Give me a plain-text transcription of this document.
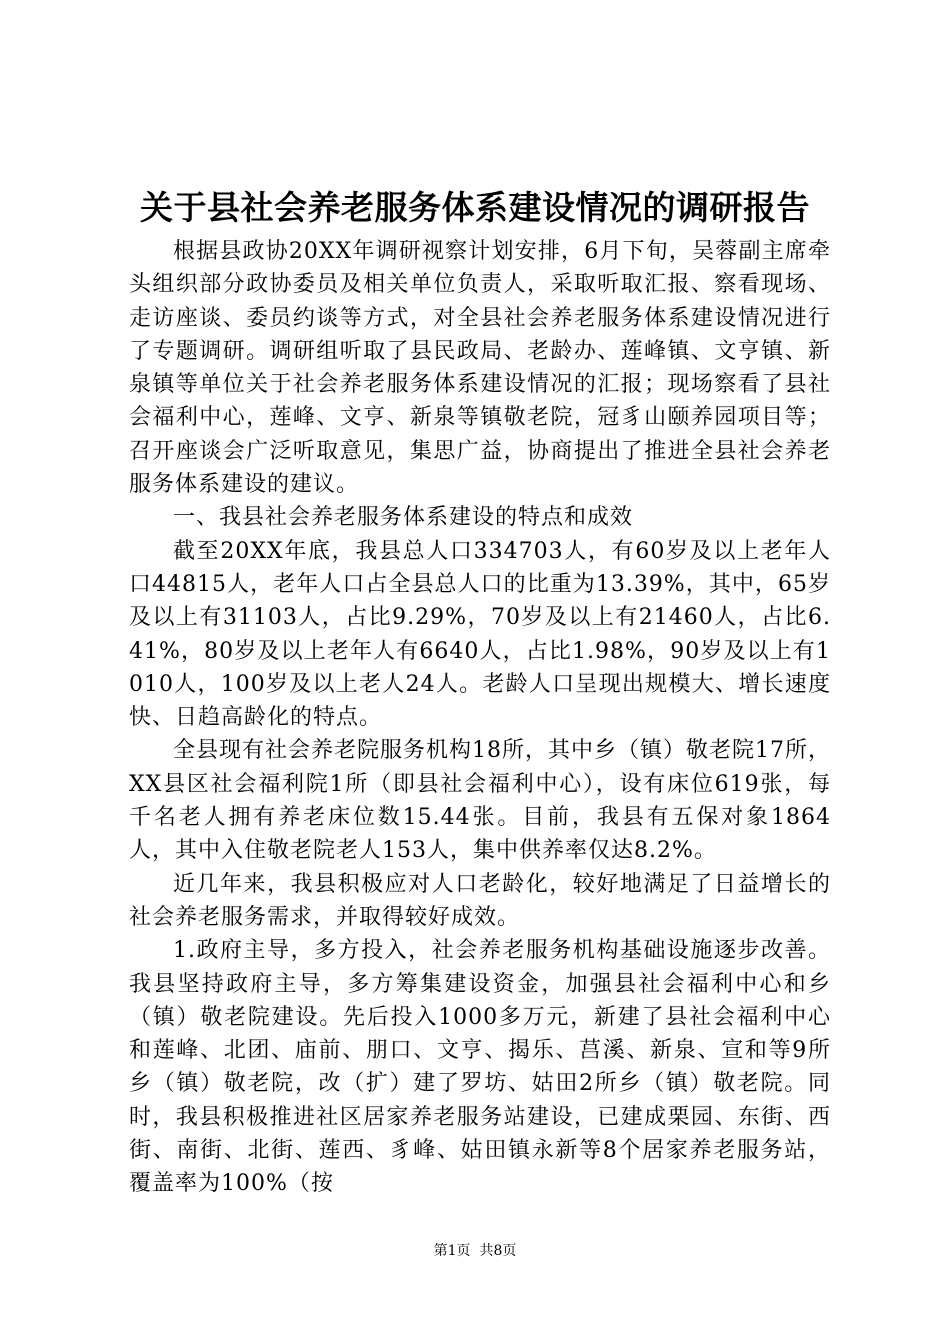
关于县社会养老服务体系建设情况的调研报告

根据县政协20XX年调研视察计划安排，6月下旬，吴蓉副主席牵头组织部分政协委员及相关单位负责人，采取听取汇报、察看现场、走访座谈、委员约谈等方式，对全县社会养老服务体系建设情况进行了专题调研。调研组听取了县民政局、老龄办、莲峰镇、文亨镇、新泉镇等单位关于社会养老服务体系建设情况的汇报；现场察看了县社会福利中心，莲峰、文亨、新泉等镇敬老院，冠豸山颐养园项目等；召开座谈会广泛听取意见，集思广益，协商提出了推进全县社会养老服务体系建设的建议。

一、我县社会养老服务体系建设的特点和成效

截至20XX年底，我县总人口334703人，有60岁及以上老年人口44815人，老年人口占全县总人口的比重为13.39%，其中，65岁及以上有31103人，占比9.29%，70岁及以上有21460人，占比6.41%，80岁及以上老年人有6640人，占比1.98%，90岁及以上有1010人，100岁及以上老人24人。老龄人口呈现出规模大、增长速度快、日趋高龄化的特点。

全县现有社会养老院服务机构18所，其中乡（镇）敬老院17所，XX县区社会福利院1所（即县社会福利中心），设有床位619张，每千名老人拥有养老床位数15.44张。目前，我县有五保对象1864人，其中入住敬老院老人153人，集中供养率仅达8.2%。

近几年来，我县积极应对人口老龄化，较好地满足了日益增长的社会养老服务需求，并取得较好成效。

1.政府主导，多方投入，社会养老服务机构基础设施逐步改善。我县坚持政府主导，多方筹集建设资金，加强县社会福利中心和乡（镇）敬老院建设。先后投入1000多万元，新建了县社会福利中心和莲峰、北团、庙前、朋口、文亨、揭乐、莒溪、新泉、宣和等9所乡（镇）敬老院，改（扩）建了罗坊、姑田2所乡（镇）敬老院。同时，我县积极推进社区居家养老服务站建设，已建成栗园、东街、西街、南街、北街、莲西、豸峰、姑田镇永新等8个居家养老服务站，覆盖率为100%（按

第1页  共8页
